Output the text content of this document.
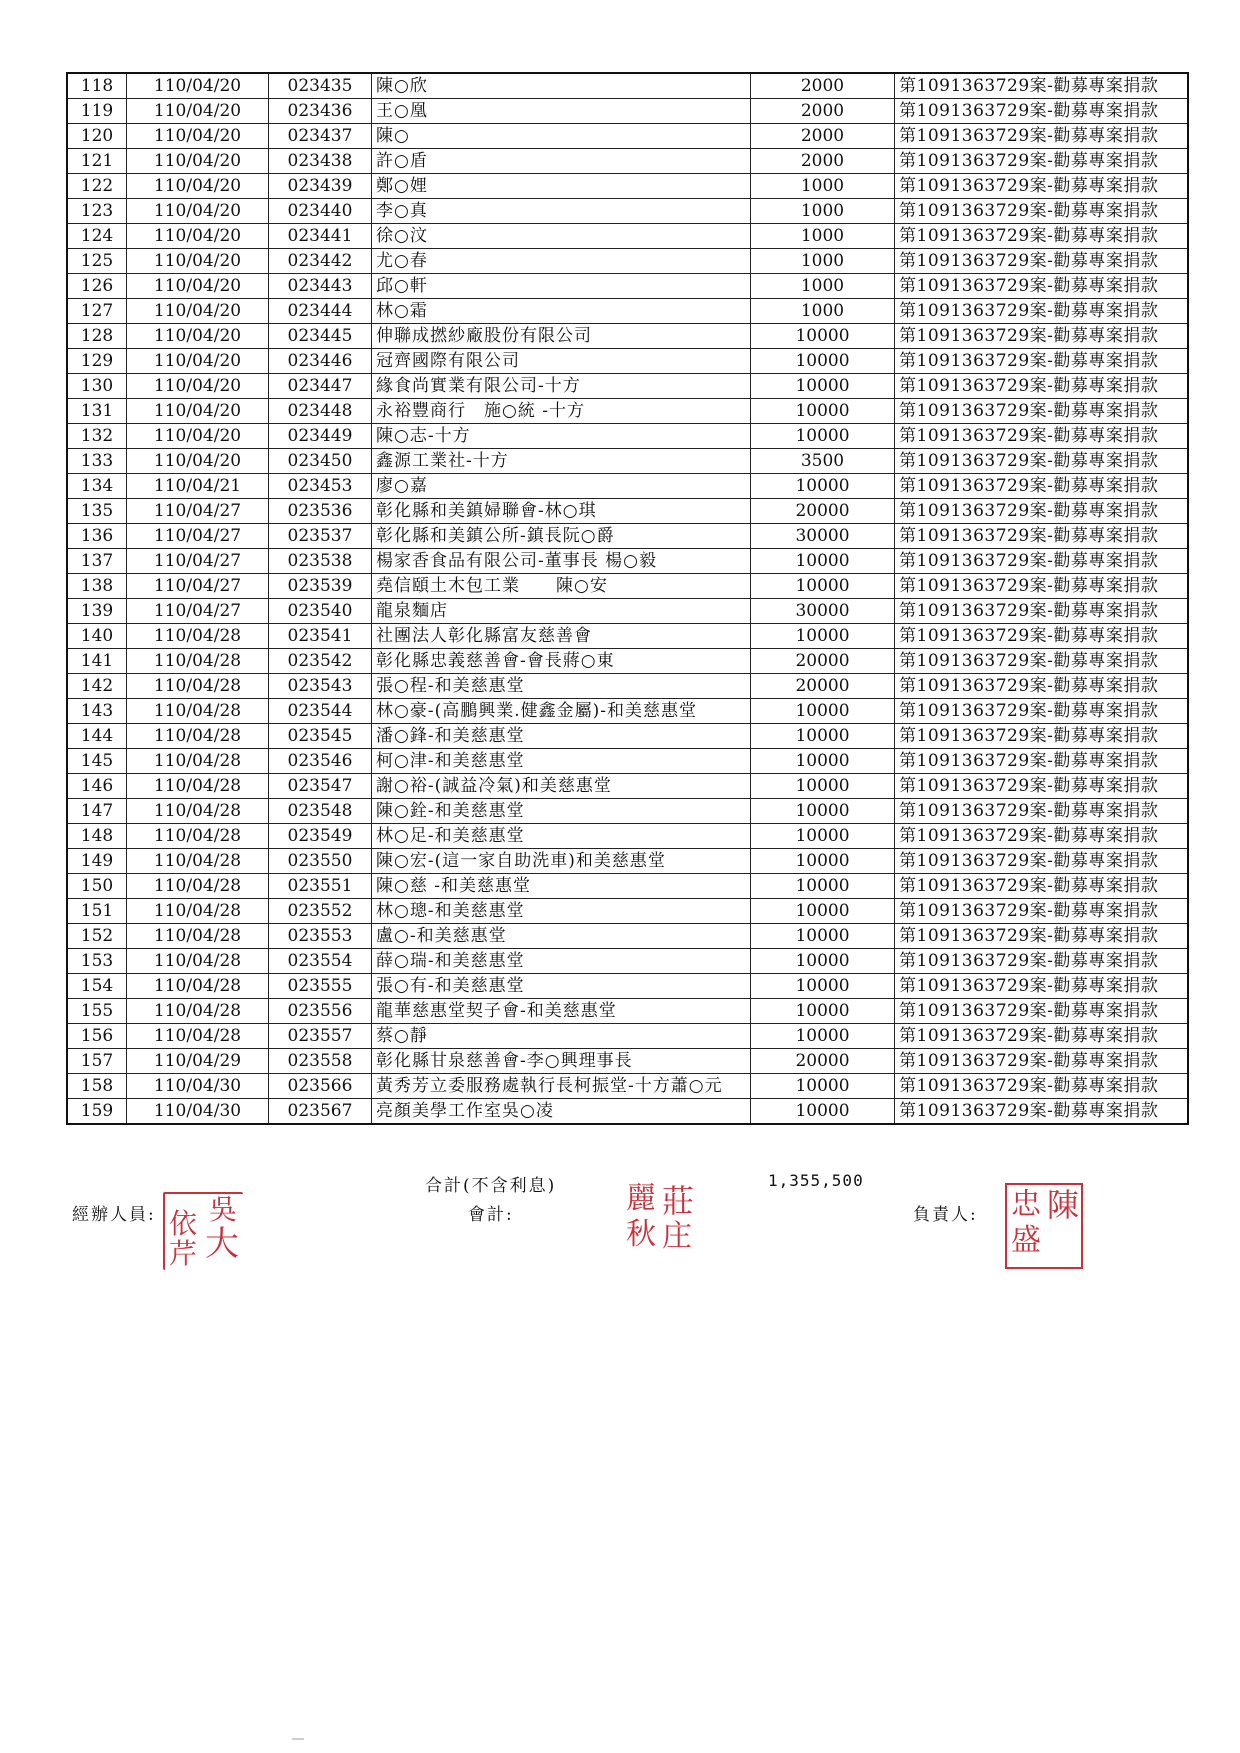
118	110/04/20	023435	陳○欣	2000	第1091363729案-勸募專案捐款
119	110/04/20	023436	王○凰	2000	第1091363729案-勸募專案捐款
120	110/04/20	023437	陳○	2000	第1091363729案-勸募專案捐款
121	110/04/20	023438	許○盾	2000	第1091363729案-勸募專案捐款
122	110/04/20	023439	鄭○娌	1000	第1091363729案-勸募專案捐款
123	110/04/20	023440	李○真	1000	第1091363729案-勸募專案捐款
124	110/04/20	023441	徐○汶	1000	第1091363729案-勸募專案捐款
125	110/04/20	023442	尤○春	1000	第1091363729案-勸募專案捐款
126	110/04/20	023443	邱○軒	1000	第1091363729案-勸募專案捐款
127	110/04/20	023444	林○霜	1000	第1091363729案-勸募專案捐款
128	110/04/20	023445	伸聯成撚紗廠股份有限公司	10000	第1091363729案-勸募專案捐款
129	110/04/20	023446	冠齊國際有限公司	10000	第1091363729案-勸募專案捐款
130	110/04/20	023447	緣食尚實業有限公司-十方	10000	第1091363729案-勸募專案捐款
131	110/04/20	023448	永裕豐商行　施○統 -十方	10000	第1091363729案-勸募專案捐款
132	110/04/20	023449	陳○志-十方	10000	第1091363729案-勸募專案捐款
133	110/04/20	023450	鑫源工業社-十方	3500	第1091363729案-勸募專案捐款
134	110/04/21	023453	廖○嘉	10000	第1091363729案-勸募專案捐款
135	110/04/27	023536	彰化縣和美鎮婦聯會-林○琪	20000	第1091363729案-勸募專案捐款
136	110/04/27	023537	彰化縣和美鎮公所-鎮長阮○爵	30000	第1091363729案-勸募專案捐款
137	110/04/27	023538	楊家香食品有限公司-董事長 楊○毅	10000	第1091363729案-勸募專案捐款
138	110/04/27	023539	堯信頤土木包工業　　陳○安	10000	第1091363729案-勸募專案捐款
139	110/04/27	023540	龍泉麵店	30000	第1091363729案-勸募專案捐款
140	110/04/28	023541	社團法人彰化縣富友慈善會	10000	第1091363729案-勸募專案捐款
141	110/04/28	023542	彰化縣忠義慈善會-會長蔣○東	20000	第1091363729案-勸募專案捐款
142	110/04/28	023543	張○程-和美慈惠堂	20000	第1091363729案-勸募專案捐款
143	110/04/28	023544	林○豪-(高鵬興業.健鑫金屬)-和美慈惠堂	10000	第1091363729案-勸募專案捐款
144	110/04/28	023545	潘○鋒-和美慈惠堂	10000	第1091363729案-勸募專案捐款
145	110/04/28	023546	柯○津-和美慈惠堂	10000	第1091363729案-勸募專案捐款
146	110/04/28	023547	謝○裕-(誠益冷氣)和美慈惠堂	10000	第1091363729案-勸募專案捐款
147	110/04/28	023548	陳○銓-和美慈惠堂	10000	第1091363729案-勸募專案捐款
148	110/04/28	023549	林○足-和美慈惠堂	10000	第1091363729案-勸募專案捐款
149	110/04/28	023550	陳○宏-(這一家自助洗車)和美慈惠堂	10000	第1091363729案-勸募專案捐款
150	110/04/28	023551	陳○慈 -和美慈惠堂	10000	第1091363729案-勸募專案捐款
151	110/04/28	023552	林○璁-和美慈惠堂	10000	第1091363729案-勸募專案捐款
152	110/04/28	023553	盧○-和美慈惠堂	10000	第1091363729案-勸募專案捐款
153	110/04/28	023554	薛○瑞-和美慈惠堂	10000	第1091363729案-勸募專案捐款
154	110/04/28	023555	張○有-和美慈惠堂	10000	第1091363729案-勸募專案捐款
155	110/04/28	023556	龍華慈惠堂契子會-和美慈惠堂	10000	第1091363729案-勸募專案捐款
156	110/04/28	023557	蔡○靜	10000	第1091363729案-勸募專案捐款
157	110/04/29	023558	彰化縣甘泉慈善會-李○興理事長	20000	第1091363729案-勸募專案捐款
158	110/04/30	023566	黃秀芳立委服務處執行長柯振堂-十方蕭○元	10000	第1091363729案-勸募專案捐款
159	110/04/30	023567	亮顏美學工作室吳○凌	10000	第1091363729案-勸募專案捐款
合計(不含利息)	1,355,500
經辦人員:	會計:	負責人:
吳
依
大
芹
莊
麗
秋 庄
陳
忠
盛
